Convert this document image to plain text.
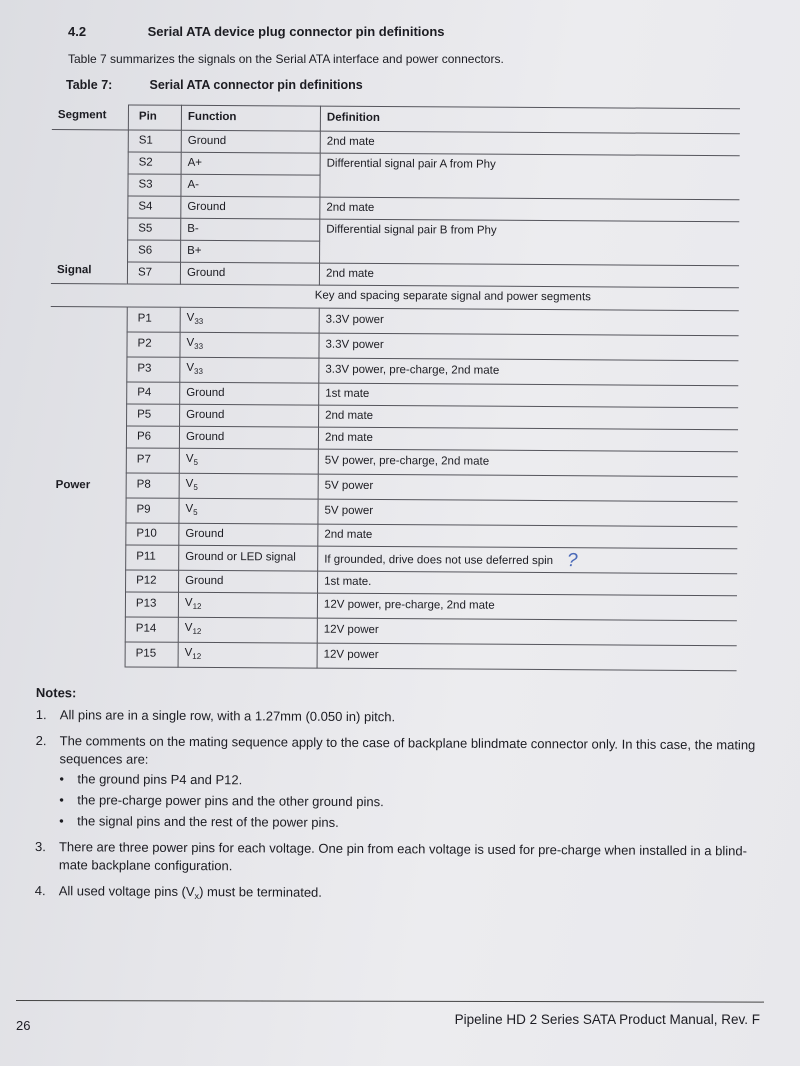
4.2	Serial ATA device plug connector pin definitions
Table 7 summarizes the signals on the Serial ATA interface and power connectors.
Table 7:	Serial ATA connector pin definitions
Segment	Pin	Function	Definition
Signal	S1	Ground	2nd mate
	S2	A+	Differential signal pair A from Phy
	S3	A-	
	S4	Ground	2nd mate
	S5	B-	Differential signal pair B from Phy
	S6	B+	
	S7	Ground	2nd mate
Key and spacing separate signal and power segments			
Power	P1	$V_{33}$	3.3V power
	P2	$V_{33}$	3.3V power
	P3	$V_{33}$	3.3V power, pre-charge, 2nd mate
	P4	Ground	1st mate
	P5	Ground	2nd mate
	P6	Ground	2nd mate
	P7	$V_5$	5V power, pre-charge, 2nd mate
	P8	$V_5$	5V power
	P9	$V_5$	5V power
	P10	Ground	2nd mate
	P11	Ground or LED signal	If grounded, drive does not use deferred spin ?
	P12	Ground	1st mate.
	P13	$V_{12}$	12V power, pre-charge, 2nd mate
	P14	$V_{12}$	12V power
	P15	$V_{12}$	12V power
Notes:
1. All pins are in a single row, with a 1.27mm (0.050 in) pitch.
2. The comments on the mating sequence apply to the case of backplane blindmate connector only. In this case, the mating sequences are:
• the ground pins P4 and P12.
• the pre-charge power pins and the other ground pins.
• the signal pins and the rest of the power pins.
3. There are three power pins for each voltage. One pin from each voltage is used for pre-charge when installed in a blind-mate backplane configuration.
4. All used voltage pins $(V_x)$ must be terminated.
26	Pipeline HD 2 Series SATA Product Manual, Rev. F
